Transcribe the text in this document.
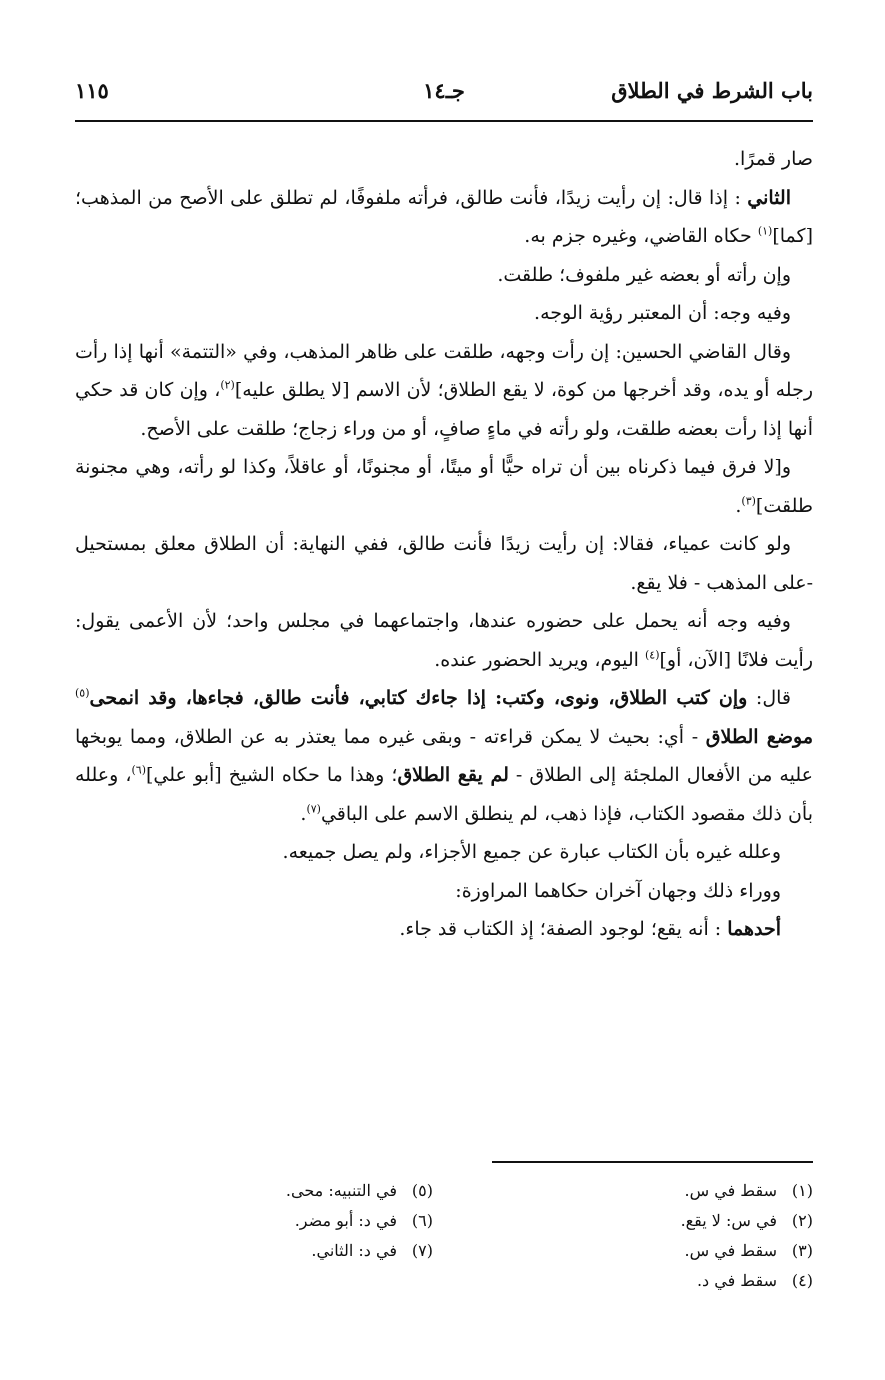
باب الشرط في الطلاق
جـ١٤
١١٥

صار قمرًا.

الثاني : إذا قال: إن رأيت زيدًا، فأنت طالق، فرأته ملفوفًا، لم تطلق على الأصح من المذهب؛ [كما]$^{(١)}$ حكاه القاضي، وغيره جزم به.

وإن رأته أو بعضه غير ملفوف؛ طلقت.

وفيه وجه: أن المعتبر رؤية الوجه.

وقال القاضي الحسين: إن رأت وجهه، طلقت على ظاهر المذهب، وفي «التتمة» أنها إذا رأت رجله أو يده، وقد أخرجها من كوة، لا يقع الطلاق؛ لأن الاسم [لا يطلق عليه]$^{(٢)}$، وإن كان قد حكي أنها إذا رأت بعضه طلقت، ولو رأته في ماءٍ صافٍ، أو من وراء زجاج؛ طلقت على الأصح.

و[لا فرق فيما ذكرناه بين أن تراه حيًّا أو ميتًا، أو مجنونًا، أو عاقلاً، وكذا لو رأته، وهي مجنونة طلقت]$^{(٣)}$.

ولو كانت عمياء، فقالا: إن رأيت زيدًا فأنت طالق، ففي النهاية: أن الطلاق معلق بمستحيل -على المذهب - فلا يقع.

وفيه وجه أنه يحمل على حضوره عندها، واجتماعهما في مجلس واحد؛ لأن الأعمى يقول: رأيت فلانًا [الآن، أو]$^{(٤)}$ اليوم، ويريد الحضور عنده.

قال: وإن كتب الطلاق، ونوى، وكتب: إذا جاءك كتابي، فأنت طالق، فجاءها، وقد انمحى$^{(٥)}$ موضع الطلاق - أي: بحيث لا يمكن قراءته - وبقى غيره مما يعتذر به عن الطلاق، ومما يوبخها عليه من الأفعال الملجئة إلى الطلاق - لم يقع الطلاق؛ وهذا ما حكاه الشيخ [أبو علي]$^{(٦)}$، وعلله بأن ذلك مقصود الكتاب، فإذا ذهب، لم ينطلق الاسم على الباقي$^{(٧)}$.

وعلله غيره بأن الكتاب عبارة عن جميع الأجزاء، ولم يصل جميعه.

ووراء ذلك وجهان آخران حكاهما المراوزة:

أحدهما : أنه يقع؛ لوجود الصفة؛ إذ الكتاب قد جاء.

(١)سقط في س.
(٢)في س: لا يقع.
(٣)سقط في س.
(٤)سقط في د.
(٥)في التنبيه: محى.
(٦)في د: أبو مضر.
(٧)في د: الثاني.
